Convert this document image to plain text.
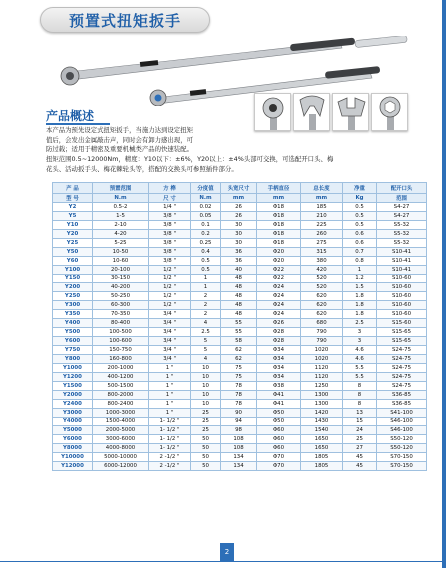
预置式扭矩扳手
产品概述
本产品为预先设定式扭矩扳手，当施力达到设定扭矩
值后，会发出金属敲击声，同时会有卸力感出现，可
防过载；适用于精密及重要机械类产品的快速装配。
扭矩范围0.5~12000Nm，精度：Y10以下：±6%，Y20以上：±4%头部可交换，可选配开口头、梅
花头、活动扳手头、梅花棘轮头等，搭配的交换头可参照插件部分。
产 品	预置范围	方 榫	分度值	头宽尺寸	手柄直径	总长度	净重	配开口头
型 号	N.m	尺 寸	N.m	mm	mm	mm	Kg	范围
Y2	0.5-2	1/4 "	0.02	26	Φ18	185	0.5	S4-27
Y5	1-5	3/8 "	0.05	26	Φ18	210	0.5	S4-27
Y10	2-10	3/8 "	0.1	30	Φ18	225	0.5	S5-32
Y20	4-20	3/8 "	0.2	30	Φ18	260	0.6	S5-32
Y25	5-25	3/8 "	0.25	30	Φ18	275	0.6	S5-32
Y50	10-50	3/8 "	0.4	36	Φ20	315	0.7	S10-41
Y60	10-60	3/8 "	0.5	36	Φ20	380	0.8	S10-41
Y100	20-100	1/2 "	0.5	40	Φ22	420	1	S10-41
Y150	30-150	1/2 "	1	48	Φ22	520	1.2	S10-60
Y200	40-200	1/2 "	1	48	Φ24	520	1.5	S10-60
Y250	50-250	1/2 "	2	48	Φ24	620	1.8	S10-60
Y300	60-300	1/2 "	2	48	Φ24	620	1.8	S10-60
Y350	70-350	3/4 "	2	48	Φ24	620	1.8	S10-60
Y400	80-400	3/4 "	4	55	Φ26	680	2.5	S15-60
Y500	100-500	3/4 "	2.5	55	Φ28	790	3	S15-65
Y600	100-600	3/4 "	5	58	Φ28	790	3	S15-65
Y750	150-750	3/4 "	5	62	Φ34	1020	4.6	S24-75
Y800	160-800	3/4 "	4	62	Φ34	1020	4.6	S24-75
Y1000	200-1000	1 "	10	75	Φ34	1120	5.5	S24-75
Y1200	400-1200	1 "	10	75	Φ34	1120	5.5	S24-75
Y1500	500-1500	1 "	10	78	Φ38	1250	8	S24-75
Y2000	800-2000	1 "	10	78	Φ41	1300	8	S36-85
Y2400	800-2400	1 "	10	78	Φ41	1300	8	S36-85
Y3000	1000-3000	1 "	25	90	Φ50	1420	13	S41-100
Y4000	1500-4000	1- 1/2 "	25	94	Φ50	1430	15	S46-100
Y5000	2000-5000	1- 1/2 "	25	98	Φ60	1540	24	S46-100
Y6000	3000-6000	1- 1/2 "	50	108	Φ60	1650	25	S50-120
Y8000	4000-8000	1- 1/2 "	50	108	Φ60	1650	27	S50-120
Y10000	5000-10000	2 -1/2 "	50	134	Φ70	1805	45	S70-150
Y12000	6000-12000	2 -1/2 "	50	134	Φ70	1805	45	S70-150
2
